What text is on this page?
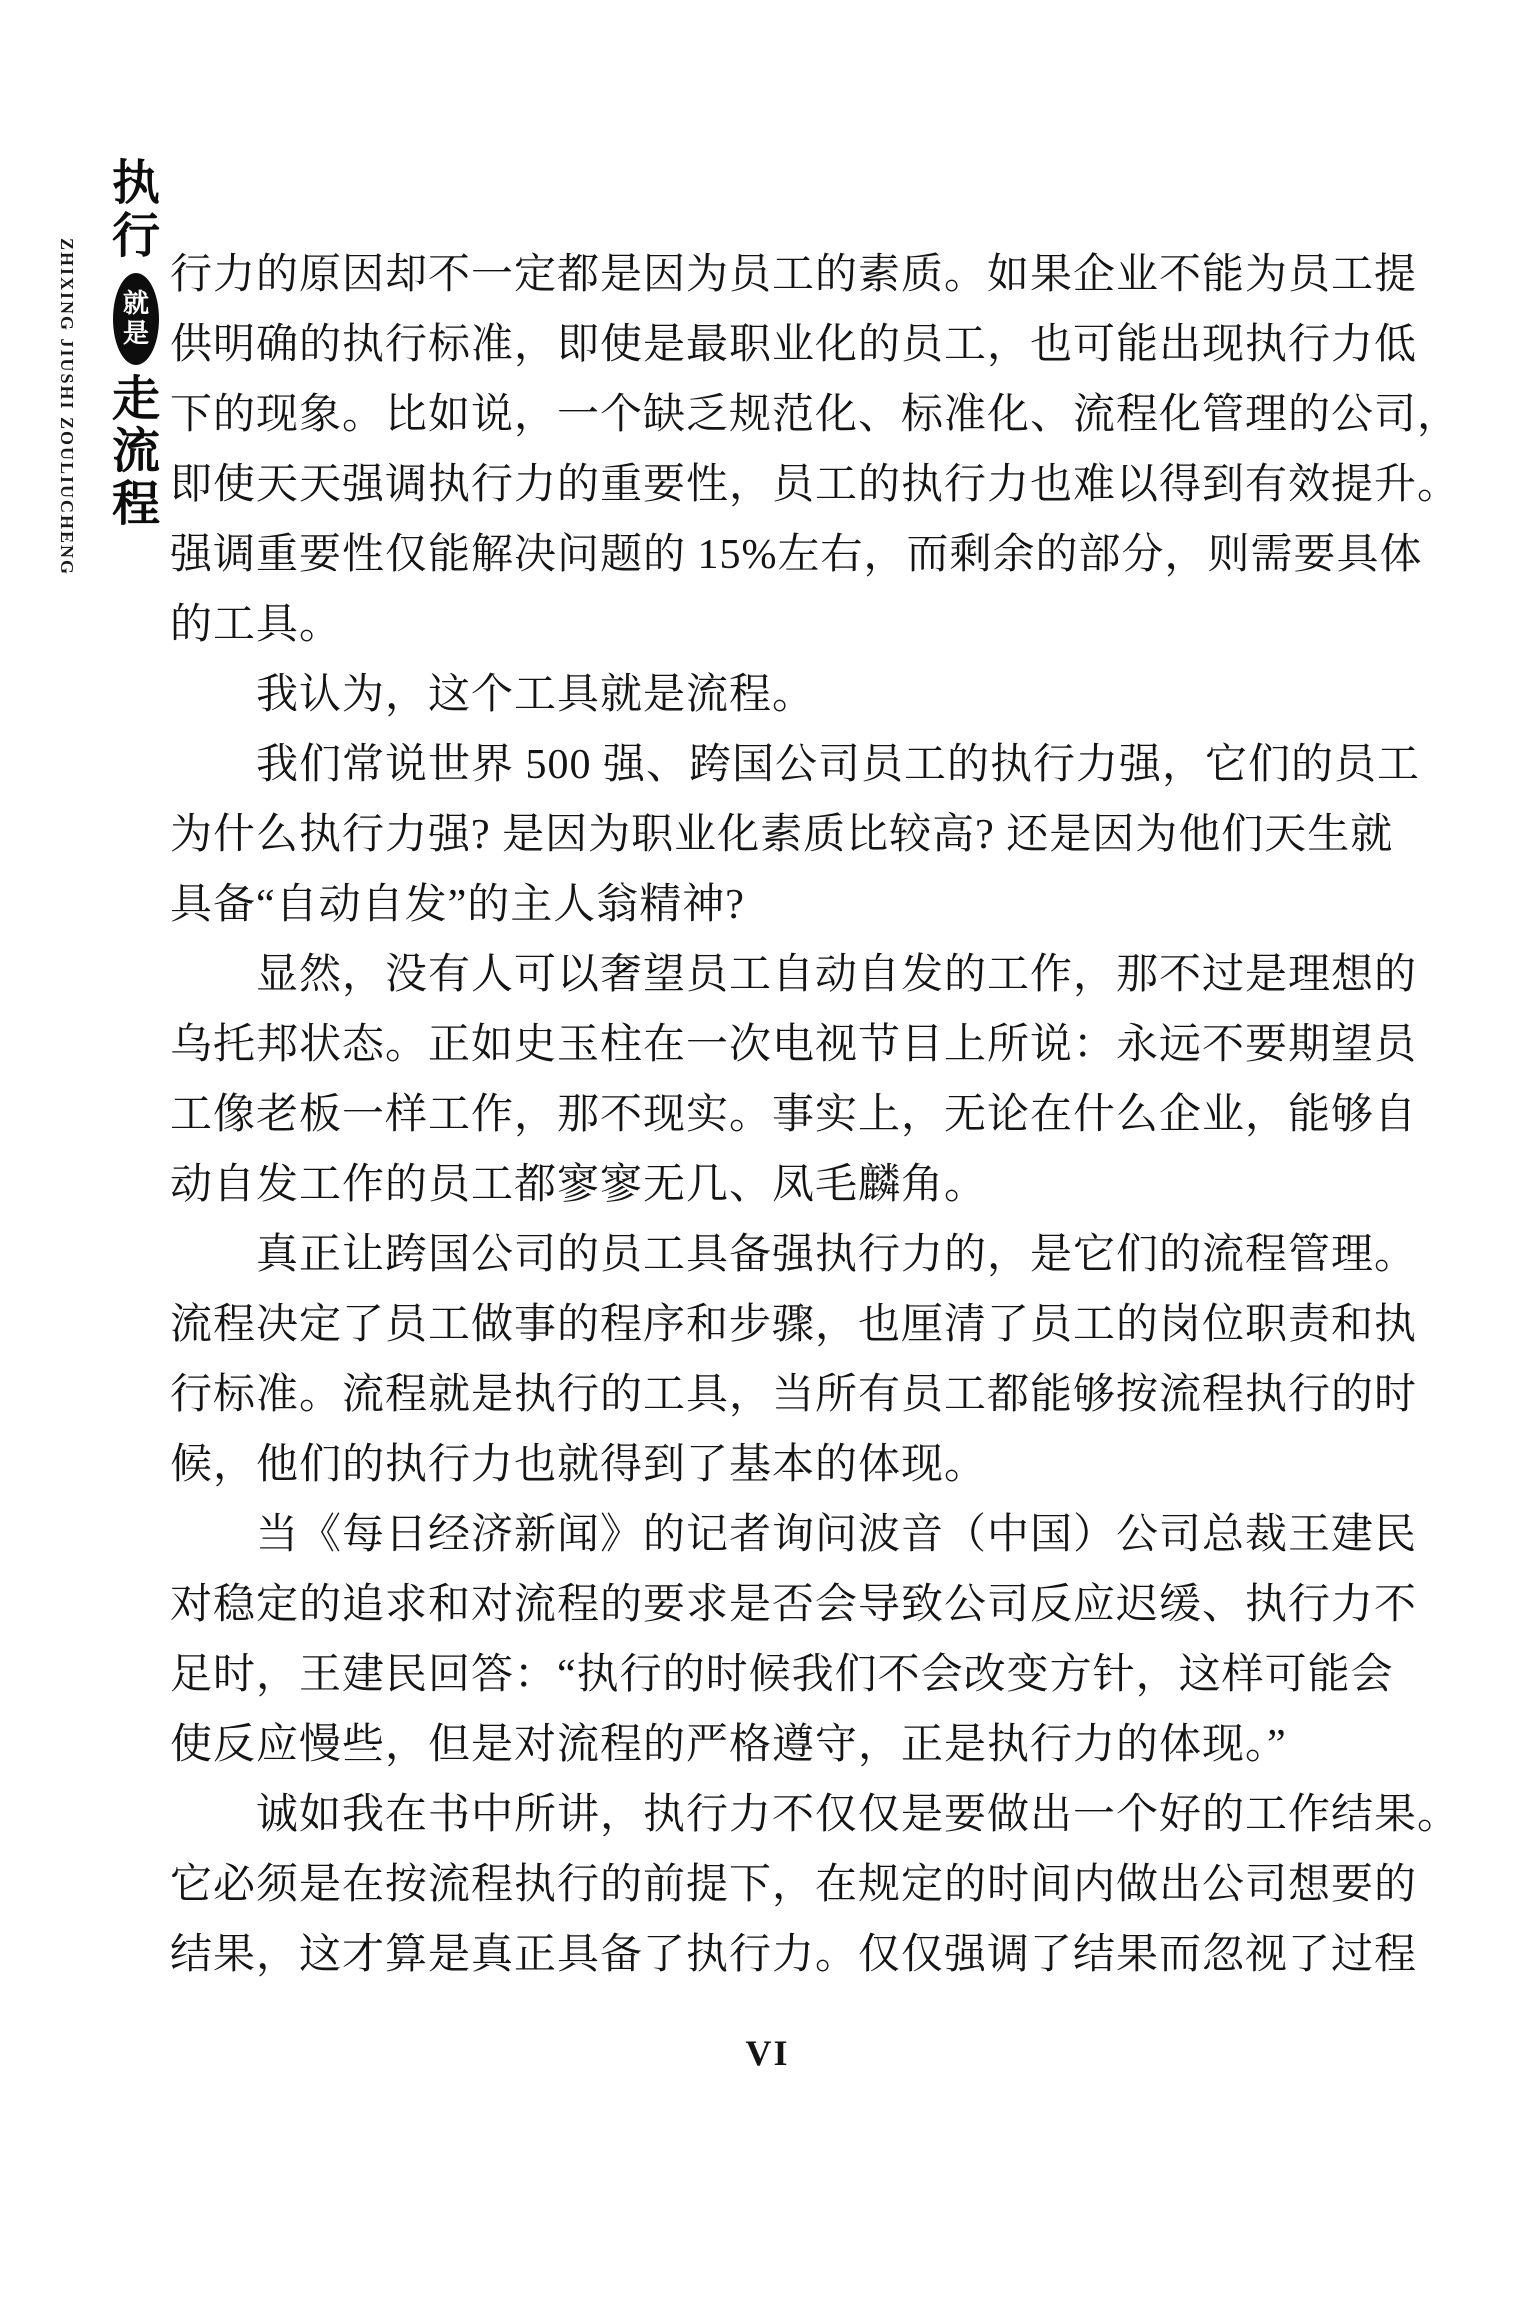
ZHIXING JIUSHI ZOULIUCHENG
执
行
就
是
走
流
程
行力的原因却不一定都是因为员工的素质。如果企业不能为员工提
供明确的执行标准，即使是最职业化的员工，也可能出现执行力低
下的现象。比如说，一个缺乏规范化、标准化、流程化管理的公司，
即使天天强调执行力的重要性，员工的执行力也难以得到有效提升。
强调重要性仅能解决问题的 15%左右，而剩余的部分，则需要具体
的工具。
　　我认为，这个工具就是流程。
　　我们常说世界 500 强、跨国公司员工的执行力强，它们的员工
为什么执行力强? 是因为职业化素质比较高? 还是因为他们天生就
具备“自动自发”的主人翁精神?
　　显然，没有人可以奢望员工自动自发的工作，那不过是理想的
乌托邦状态。正如史玉柱在一次电视节目上所说：永远不要期望员
工像老板一样工作，那不现实。事实上，无论在什么企业，能够自
动自发工作的员工都寥寥无几、凤毛麟角。
　　真正让跨国公司的员工具备强执行力的，是它们的流程管理。
流程决定了员工做事的程序和步骤，也厘清了员工的岗位职责和执
行标准。流程就是执行的工具，当所有员工都能够按流程执行的时
候，他们的执行力也就得到了基本的体现。
　　当《每日经济新闻》的记者询问波音（中国）公司总裁王建民
对稳定的追求和对流程的要求是否会导致公司反应迟缓、执行力不
足时，王建民回答：“执行的时候我们不会改变方针，这样可能会
使反应慢些，但是对流程的严格遵守，正是执行力的体现。”
　　诚如我在书中所讲，执行力不仅仅是要做出一个好的工作结果。
它必须是在按流程执行的前提下，在规定的时间内做出公司想要的
结果，这才算是真正具备了执行力。仅仅强调了结果而忽视了过程
VI
